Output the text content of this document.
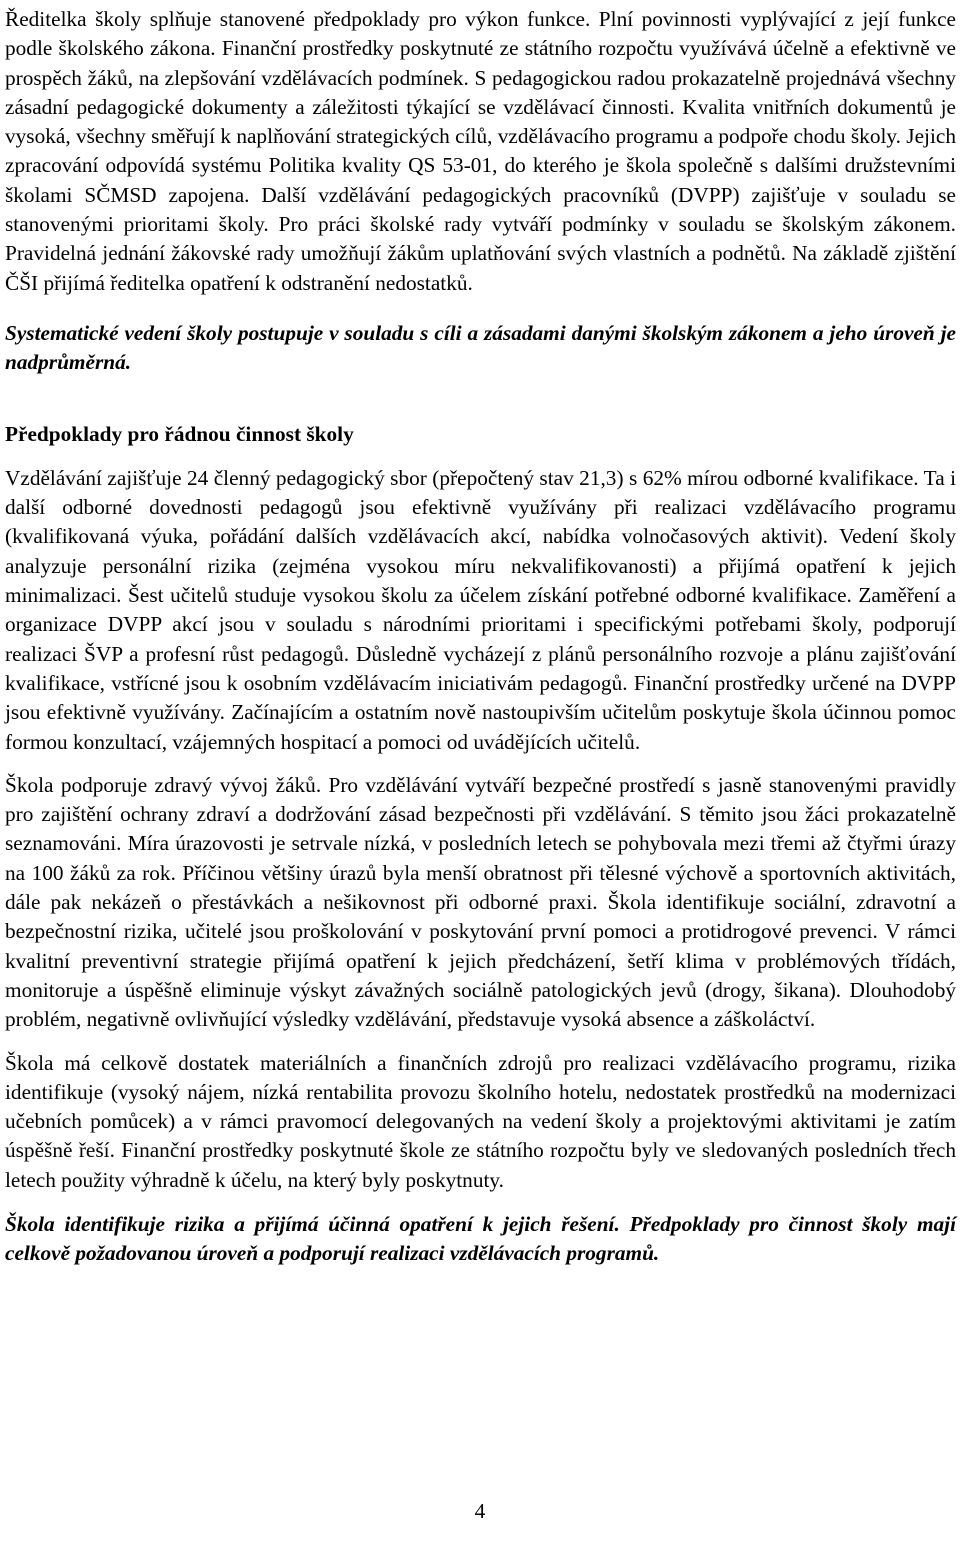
Ředitelka školy splňuje stanovené předpoklady pro výkon funkce. Plní povinnosti vyplývající z její funkce podle školského zákona. Finanční prostředky poskytnuté ze státního rozpočtu využívává účelně a efektivně ve prospěch žáků, na zlepšování vzdělávacích podmínek. S pedagogickou radou prokazatelně projednává všechny zásadní pedagogické dokumenty a záležitosti týkající se vzdělávací činnosti. Kvalita vnitřních dokumentů je vysoká, všechny směřují k naplňování strategických cílů, vzdělávacího programu a podpoře chodu školy. Jejich zpracování odpovídá systému Politika kvality QS 53-01, do kterého je škola společně s dalšími družstevními školami SČMSD zapojena. Další vzdělávání pedagogických pracovníků (DVPP) zajišťuje v souladu se stanovenými prioritami školy. Pro práci školské rady vytváří podmínky v souladu se školským zákonem. Pravidelná jednání žákovské rady umožňují žákům uplatňování svých vlastních a podnětů. Na základě zjištění ČŠI přijímá ředitelka opatření k odstranění nedostatků.

Systematické vedení školy postupuje v souladu s cíli a zásadami danými školským zákonem a jeho úroveň je nadprůměrná.

Předpoklady pro řádnou činnost školy

Vzdělávání zajišťuje 24 členný pedagogický sbor (přepočtený stav 21,3) s 62% mírou odborné kvalifikace. Ta i další odborné dovednosti pedagogů jsou efektivně využívány při realizaci vzdělávacího programu (kvalifikovaná výuka, pořádání dalších vzdělávacích akcí, nabídka volnočasových aktivit). Vedení školy analyzuje personální rizika (zejména vysokou míru nekvalifikovanosti) a přijímá opatření k jejich minimalizaci. Šest učitelů studuje vysokou školu za účelem získání potřebné odborné kvalifikace. Zaměření a organizace DVPP akcí jsou v souladu s národními prioritami i specifickými potřebami školy, podporují realizaci ŠVP a profesní růst pedagogů. Důsledně vycházejí z plánů personálního rozvoje a plánu zajišťování kvalifikace, vstřícné jsou k osobním vzdělávacím iniciativám pedagogů. Finanční prostředky určené na DVPP jsou efektivně využívány. Začínajícím a ostatním nově nastoupivším učitelům poskytuje škola účinnou pomoc formou konzultací, vzájemných hospitací a pomoci od uvádějících učitelů.

Škola podporuje zdravý vývoj žáků. Pro vzdělávání vytváří bezpečné prostředí s jasně stanovenými pravidly pro zajištění ochrany zdraví a dodržování zásad bezpečnosti při vzdělávání. S těmito jsou žáci prokazatelně seznamováni. Míra úrazovosti je setrvale nízká, v posledních letech se pohybovala mezi třemi až čtyřmi úrazy na 100 žáků za rok. Příčinou většiny úrazů byla menší obratnost při tělesné výchově a sportovních aktivitách, dále pak nekázeň o přestávkách a nešikovnost při odborné praxi. Škola identifikuje sociální, zdravotní a bezpečnostní rizika, učitelé jsou proškolování v poskytování první pomoci a protidrogové prevenci. V rámci kvalitní preventivní strategie přijímá opatření k jejich předcházení, šetří klima v problémových třídách, monitoruje a úspěšně eliminuje výskyt závažných sociálně patologických jevů (drogy, šikana). Dlouhodobý problém, negativně ovlivňující výsledky vzdělávání, představuje vysoká absence a záškoláctví.

Škola má celkově dostatek materiálních a finančních zdrojů pro realizaci vzdělávacího programu, rizika identifikuje (vysoký nájem, nízká rentabilita provozu školního hotelu, nedostatek prostředků na modernizaci učebních pomůcek) a v rámci pravomocí delegovaných na vedení školy a projektovými aktivitami je zatím úspěšně řeší. Finanční prostředky poskytnuté škole ze státního rozpočtu byly ve sledovaných posledních třech letech použity výhradně k účelu, na který byly poskytnuty.

Škola identifikuje rizika a přijímá účinná opatření k jejich řešení. Předpoklady pro činnost školy mají celkově požadovanou úroveň a podporují realizaci vzdělávacích programů.

4
